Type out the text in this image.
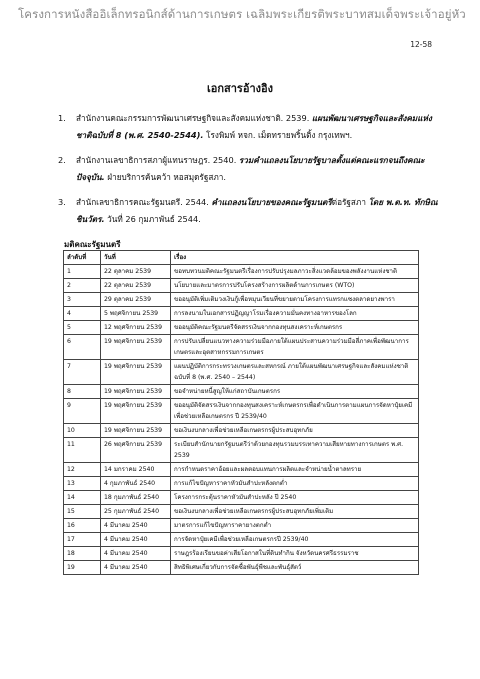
โครงการหนังสืออิเล็กทรอนิกส์ด้านการเกษตร เฉลิมพระเกียรติพระบาทสมเด็จพระเจ้าอยู่หัว
12-58
เอกสารอ้างอิง
1. สำนักงานคณะกรรมการพัฒนาเศรษฐกิจและสังคมแห่งชาติ. 2539. แผนพัฒนาเศรษฐกิจและสังคมแห่งชาติฉบับที่ 8 (พ.ศ. 2540-2544). โรงพิมพ์ หจก. เม็ดทรายพริ้นติ้ง กรุงเทพฯ.
2. สำนักงานเลขาธิการสภาผู้แทนราษฎร. 2540. รวมคำแถลงนโยบายรัฐบาลตั้งแต่คณะแรกจนถึงคณะปัจจุบัน. ฝ่ายบริการค้นคว้า หอสมุดรัฐสภา.
3. สำนักเลขาธิการคณะรัฐมนตรี. 2544. คำแถลงนโยบายของคณะรัฐมนตรีต่อรัฐสภา โดย พ.ต.ท. ทักษิณ ชินวัตร. วันที่ 26 กุมภาพันธ์ 2544.
มติคณะรัฐมนตรี
ลำดับที่	วันที่	เรื่อง
1	22 ตุลาคม 2539	ขอทบทวนมติคณะรัฐมนตรีเรื่องการปรับปรุงมลภาวะสิ่งแวดล้อมของพลังงานแห่งชาติ
2	22 ตุลาคม 2539	นโยบายและมาตรการปรับโครงสร้างการผลิตด้านการเกษตร (WTO)
3	29 ตุลาคม 2539	ขออนุมัติเพิ่มเติมวงเงินกู้เพื่อหมุนเวียนที่ขยายตามโครงการแทรกแซงตลาดยางพารา
4	5 พฤศจิกายน 2539	การลงนามในเอกสารปฏิญญาโรมเรื่องความมั่นคงทางอาหารของโลก
5	12 พฤศจิกายน 2539	ขออนุมัติคณะรัฐมนตรีจัดสรรเงินจากกองทุนสงเคราะห์เกษตรกร
6	19 พฤศจิกายน 2539	การปรับเปลี่ยนแนวทางความร่วมมือภายใต้แผนประสานความร่วมมือสี่ภาคเพื่อพัฒนาการเกษตรและอุตสาหกรรมการเกษตร
7	19 พฤศจิกายน 2539	แผนปฏิบัติการกระทรวงเกษตรและสหกรณ์ ภายใต้แผนพัฒนาเศรษฐกิจและสังคมแห่งชาติ ฉบับที่ 8 (พ.ศ. 2540 – 2544)
8	19 พฤศจิกายน 2539	ขอจำหน่ายหนี้สูญให้แก่สถาบันเกษตรกร
9	19 พฤศจิกายน 2539	ขออนุมัติจัดสรรเงินจากกองทุนสงเคราะห์เกษตรกรเพื่อดำเนินการตามแผนการจัดหาปุ๋ยเคมีเพื่อช่วยเหลือเกษตรกร ปี 2539/40
10	19 พฤศจิกายน 2539	ขอเงินงบกลางเพื่อช่วยเหลือเกษตรกรผู้ประสบอุทกภัย
11	26 พฤศจิกายน 2539	ระเบียบสำนักนายกรัฐมนตรีว่าด้วยกองทุนรวมบรรเทาความเสียหายทางการเกษตร พ.ศ. 2539
12	14 มกราคม 2540	การกำหนดราคาอ้อยและผลตอบแทนการผลิตและจำหน่ายน้ำตาลทราย
13	4 กุมภาพันธ์ 2540	การแก้ไขปัญหาราคาหัวมันสำปะหลังตกต่ำ
14	18 กุมภาพันธ์ 2540	โครงการกระตุ้นราคาหัวมันสำปะหลัง ปี 2540
15	25 กุมภาพันธ์ 2540	ขอเงินงบกลางเพื่อช่วยเหลือเกษตรกรผู้ประสบอุทกภัยเพิ่มเติม
16	4 มีนาคม 2540	มาตรการแก้ไขปัญหาราคายางตกต่ำ
17	4 มีนาคม 2540	การจัดหาปุ๋ยเคมีเพื่อช่วยเหลือเกษตรกรปี 2539/40
18	4 มีนาคม 2540	ราษฎรร้องเรียนขอค่าเสียโอกาสในที่ดินทำกิน จังหวัดนครศรีธรรมราช
19	4 มีนาคม 2540	สิทธิพิเศษเกี่ยวกับการจัดซื้อพันธุ์พืชและพันธุ์สัตว์
